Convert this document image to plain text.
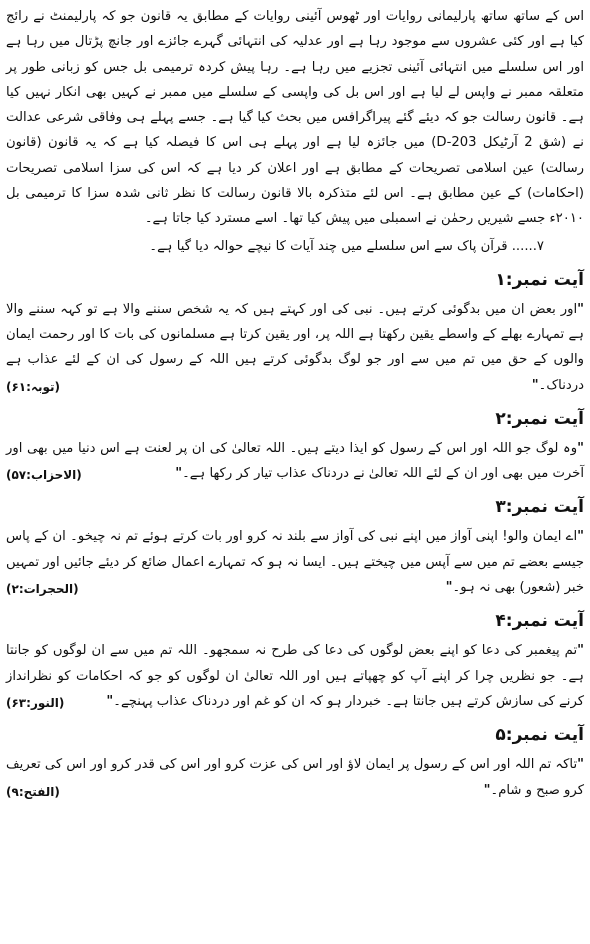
اس کے ساتھ ساتھ پارلیمانی روایات اور ٹھوس آئینی روایات کے مطابق یہ قانون جو کہ پارلیمنٹ نے رائج کیا ہے اور کئی عشروں سے موجود رہا ہے اور عدلیہ کی انتہائی گہرے جائزے اور جانچ پڑتال میں رہا ہے اور اس سلسلے میں انتہائی آئینی تجزیے میں رہا ہے۔ رہا پیش کردہ ترمیمی بل جس کو زبانی طور پر متعلقہ ممبر نے واپس لے لیا ہے اور اس بل کی واپسی کے سلسلے میں ممبر نے کہیں بھی انکار نہیں کیا ہے۔ قانون رسالت جو کہ دیئے گئے پیراگرافس میں بحث کیا گیا ہے۔ جسے پہلے ہی وفاقی شرعی عدالت نے (شق 2 آرٹیکل 203-D) میں جائزہ لیا ہے اور پہلے ہی اس کا فیصلہ کیا ہے کہ یہ قانون (قانون رسالت) عین اسلامی تصریحات کے مطابق ہے اور اعلان کر دیا ہے کہ اس کی سزا اسلامی تصریحات (احکامات) کے عین مطابق ہے۔ اس لئے متذکرہ بالا قانون رسالت کا نظر ثانی شدہ سزا کا ترمیمی بل ۲۰۱۰ء جسے شیریں رحمٰن نے اسمبلی میں پیش کیا تھا۔ اسے مسترد کیا جاتا ہے۔

۷...... قرآن پاک سے اس سلسلے میں چند آیات کا نیچے حوالہ دیا گیا ہے۔

آیت نمبر:۱

"اور بعض ان میں بدگوئی کرتے ہیں۔ نبی کی اور کہتے ہیں کہ یہ شخص سننے والا ہے تو کہہ سننے والا ہے تمہارے بھلے کے واسطے یقین رکھتا ہے اللہ پر، اور یقین کرتا ہے مسلمانوں کی بات کا اور رحمت ایمان والوں کے حق میں تم میں سے اور جو لوگ بدگوئی کرتے ہیں اللہ کے رسول کی ان کے لئے عذاب ہے دردناک۔"
(توبہ:۶۱)

آیت نمبر:۲

"وہ لوگ جو اللہ اور اس کے رسول کو ایذا دیتے ہیں۔ اللہ تعالیٰ کی ان پر لعنت ہے اس دنیا میں بھی اور آخرت میں بھی اور ان کے لئے اللہ تعالیٰ نے دردناک عذاب تیار کر رکھا ہے۔"
(الاحزاب:۵۷)

آیت نمبر:۳

"اے ایمان والو! اپنی آواز میں اپنے نبی کی آواز سے بلند نہ کرو اور بات کرتے ہوئے تم نہ چیخو۔ ان کے پاس جیسے بعضے تم میں سے آپس میں چیختے ہیں۔ ایسا نہ ہو کہ تمہارے اعمال ضائع کر دیئے جائیں اور تمہیں خبر (شعور) بھی نہ ہو۔"
(الحجرات:۲)

آیت نمبر:۴

"تم پیغمبر کی دعا کو اپنے بعض لوگوں کی دعا کی طرح نہ سمجھو۔ اللہ تم میں سے ان لوگوں کو جانتا ہے۔ جو نظریں چرا کر اپنے آپ کو چھپاتے ہیں اور اللہ تعالیٰ ان لوگوں کو جو کہ احکامات کو نظرانداز کرنے کی سازش کرتے ہیں جانتا ہے۔ خبردار ہو کہ ان کو غم اور دردناک عذاب پہنچے۔"
(النور:۶۳)

آیت نمبر:۵

"تاکہ تم اللہ اور اس کے رسول پر ایمان لاؤ اور اس کی عزت کرو اور اس کی قدر کرو اور اس کی تعریف کرو صبح و شام۔"
(الفتح:۹)
